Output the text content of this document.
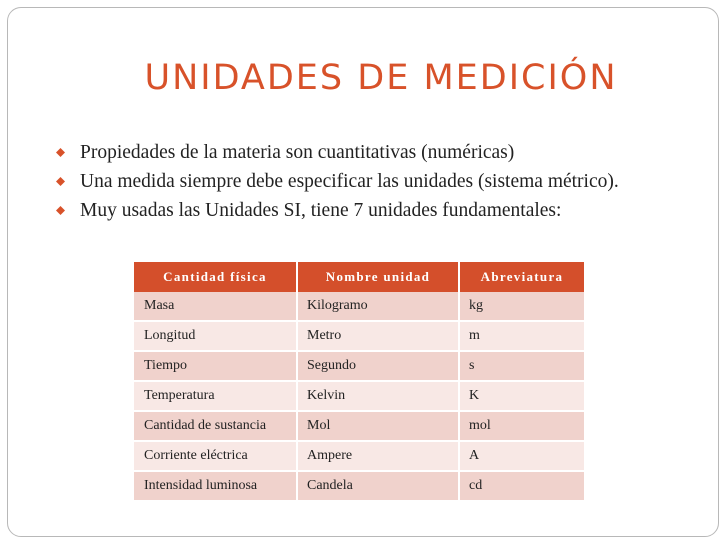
UNIDADES DE MEDICIÓN
Propiedades de la materia son cuantitativas (numéricas)
Una medida siempre debe especificar las unidades (sistema métrico).
Muy usadas las Unidades SI, tiene 7 unidades fundamentales:
Cantidad física	Nombre unidad	Abreviatura
Masa	Kilogramo	kg
Longitud	Metro	m
Tiempo	Segundo	s
Temperatura	Kelvin	K
Cantidad de sustancia	Mol	mol
Corriente eléctrica	Ampere	A
Intensidad luminosa	Candela	cd
